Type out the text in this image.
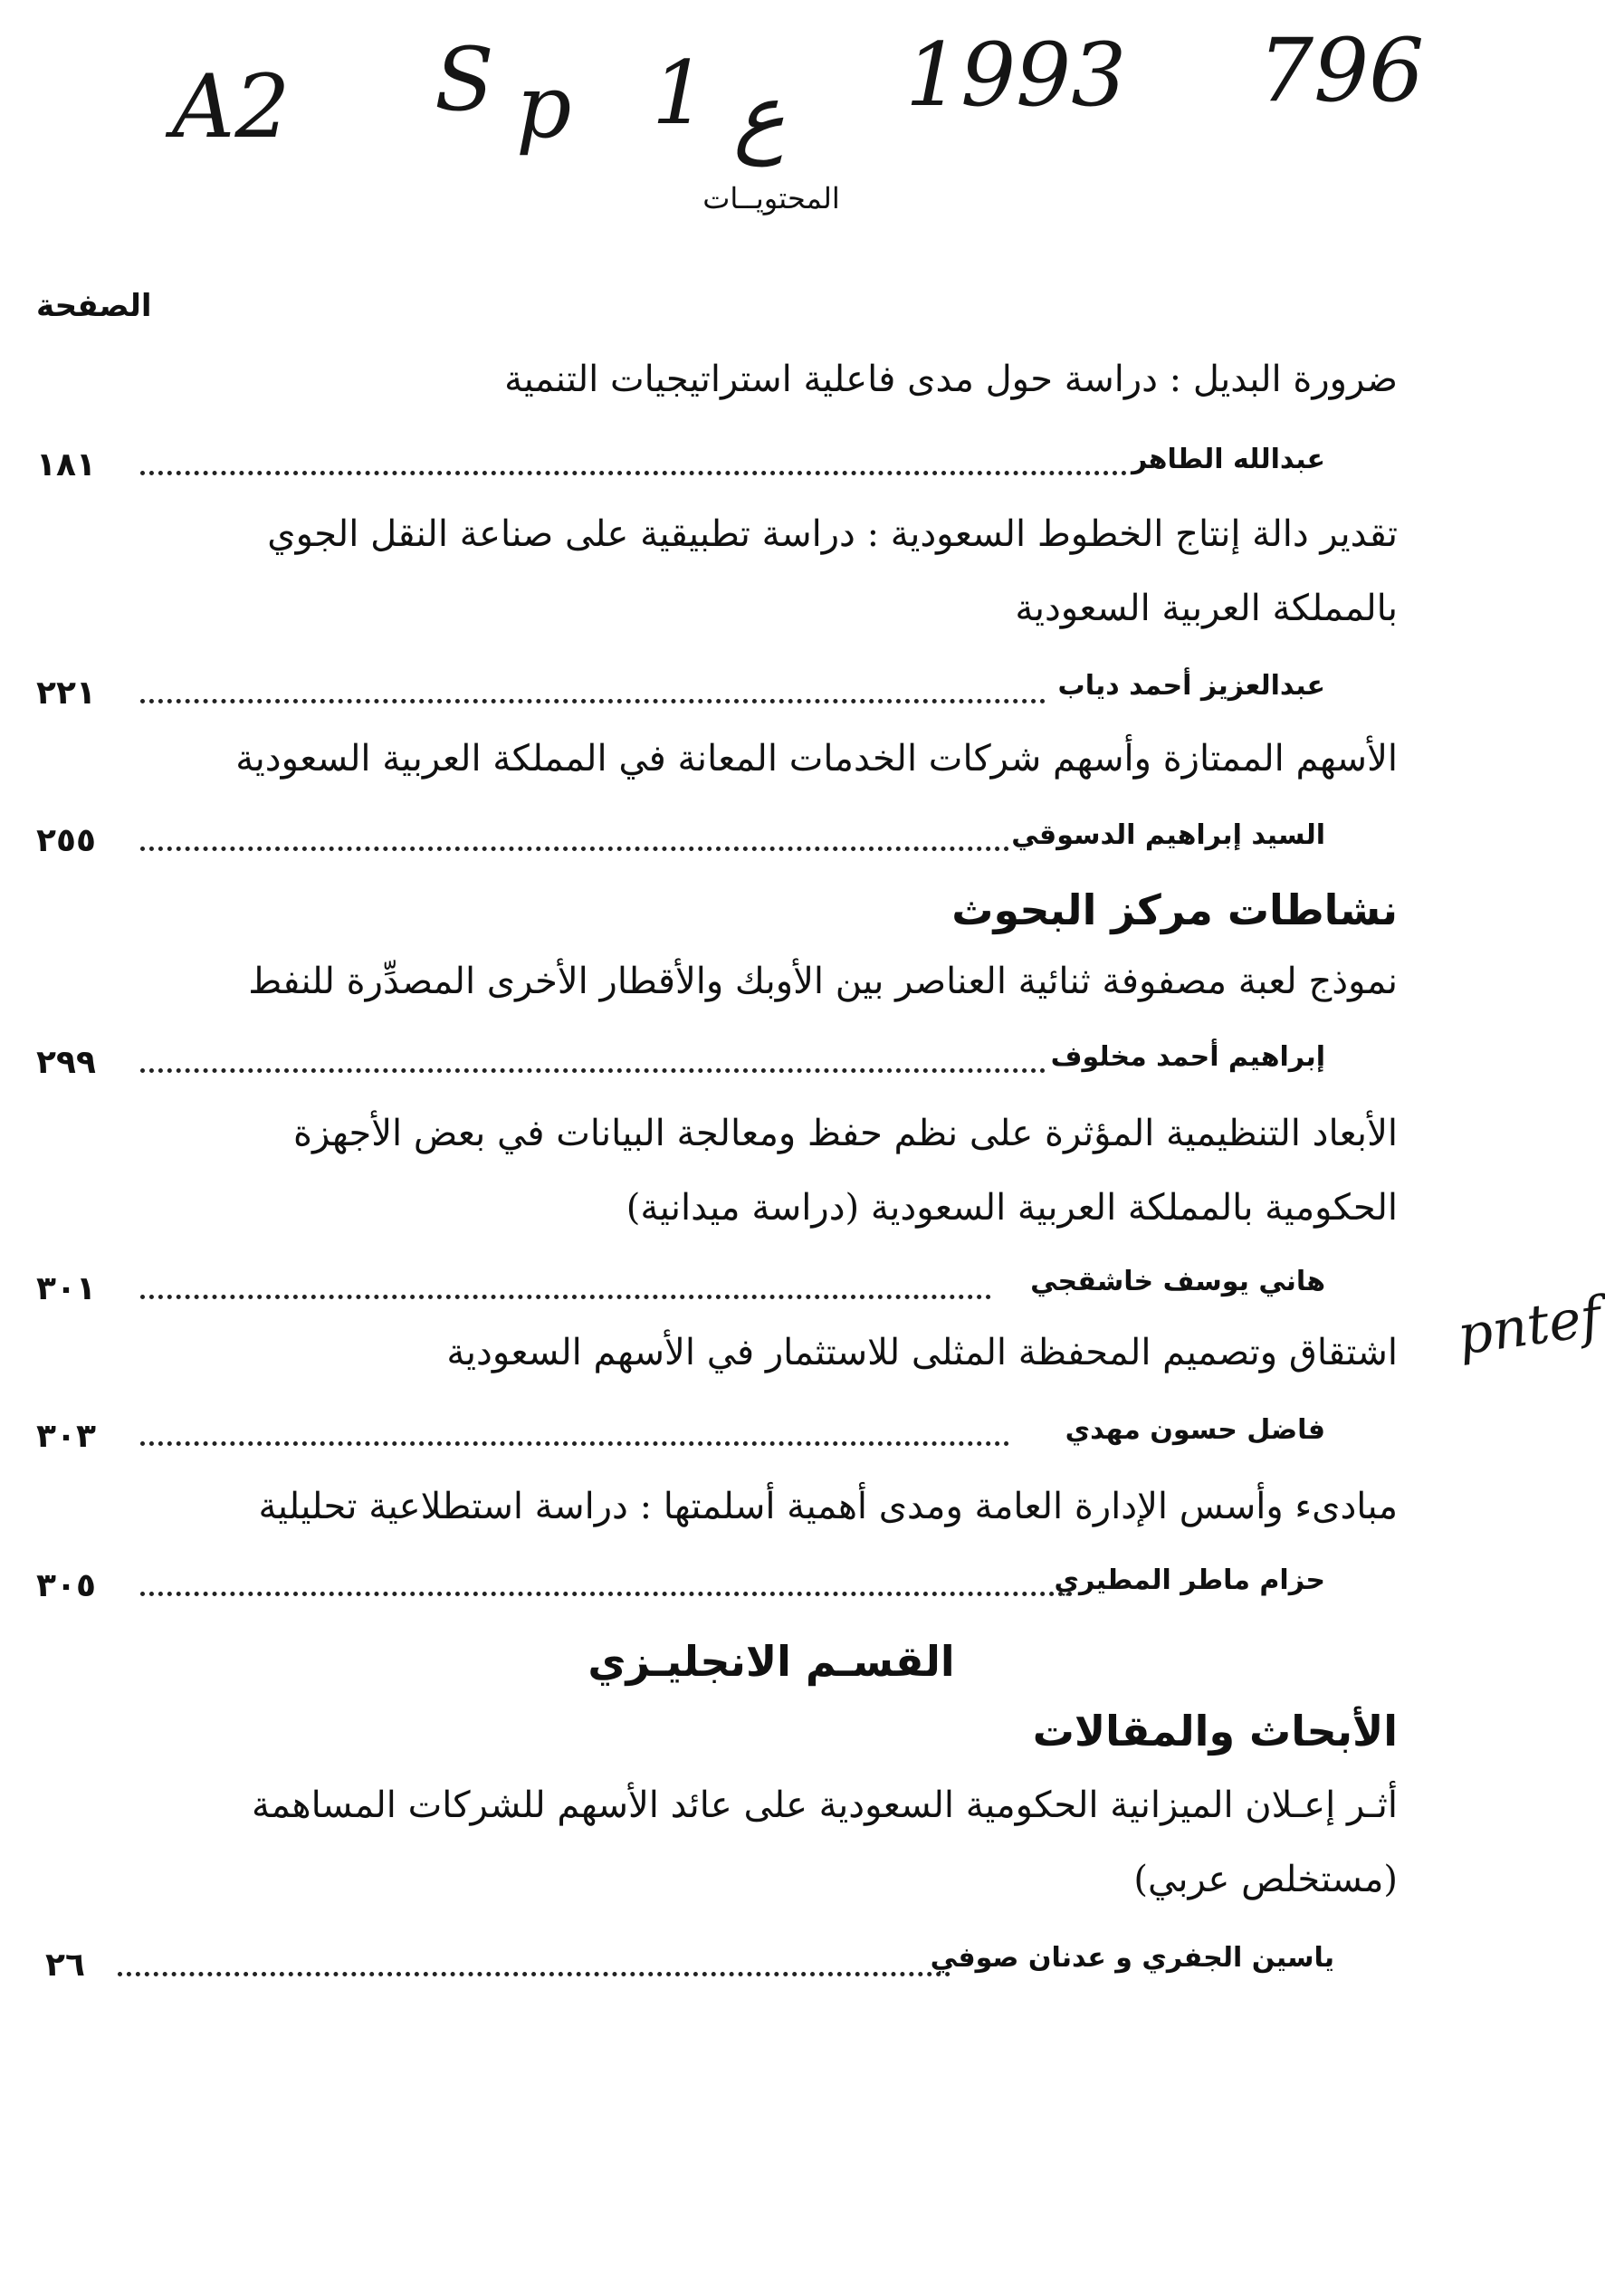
A2 S p 1 ع 1993 796
المحتويــات
الصفحة
ضرورة البديل : دراسة حول مدى فاعلية استراتيجيات التنمية
عبدالله الطاهر
١٨١
تقدير دالة إنتاج الخطوط السعودية : دراسة تطبيقية على صناعة النقل الجوي
بالمملكة العربية السعودية
عبدالعزيز أحمد دياب
٢٢١
الأسهم الممتازة وأسهم شركات الخدمات المعانة في المملكة العربية السعودية
السيد إبراهيم الدسوقي
٢٥٥
نشاطات مركز البحوث
نموذج لعبة مصفوفة ثنائية العناصر بين الأوبك والأقطار الأخرى المصدِّرة للنفط
إبراهيم أحمد مخلوف
٢٩٩
الأبعاد التنظيمية المؤثرة على نظم حفظ ومعالجة البيانات في بعض الأجهزة
الحكومية بالمملكة العربية السعودية (دراسة ميدانية)
هاني يوسف خاشقجي
٣٠١
اشتقاق وتصميم المحفظة المثلى للاستثمار في الأسهم السعودية
فاضل حسون مهدي
٣٠٣
مبادىء وأسس الإدارة العامة ومدى أهمية أسلمتها : دراسة استطلاعية تحليلية
حزام ماطر المطيري
٣٠٥
القسـم الانجليـزي
الأبحاث والمقالات
أثـر إعـلان الميزانية الحكومية السعودية على عائد الأسهم للشركات المساهمة
(مستخلص عربي)
ياسين الجفري و عدنان صوفي
٢٦
pntef
